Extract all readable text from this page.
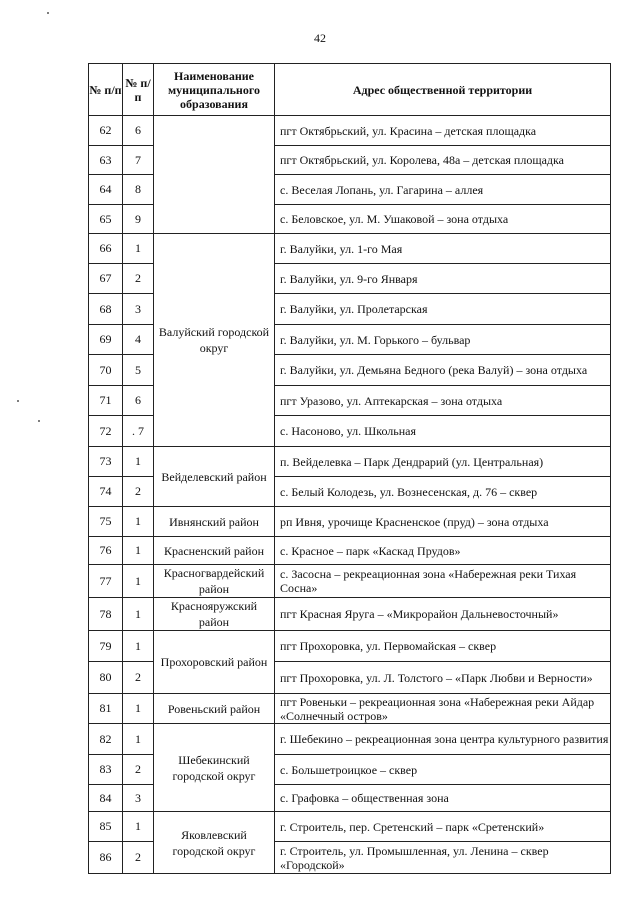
42
№ п/п	№ п/п	Наименование муниципального образования	Адрес общественной территории
62	6		пгт Октябрьский, ул. Красина – детская площадка
63	7		пгт Октябрьский, ул. Королева, 48а – детская площадка
64	8		с. Веселая Лопань, ул. Гагарина – аллея
65	9		с. Беловское, ул. М. Ушаковой – зона отдыха
66	1	Валуйский городской округ	г. Валуйки, ул. 1-го Мая
67	2		г. Валуйки, ул. 9-го Января
68	3		г. Валуйки, ул. Пролетарская
69	4		г. Валуйки, ул. М. Горького – бульвар
70	5		г. Валуйки, ул. Демьяна Бедного (река Валуй) – зона отдыха
71	6		пгт Уразово, ул. Аптекарская – зона отдыха
72	. 7		с. Насоново, ул. Школьная
73	1	Вейделевский район	п. Вейделевка – Парк Дендрарий (ул. Центральная)
74	2		с. Белый Колодезь, ул. Вознесенская, д. 76 – сквер
75	1	Ивнянский район	рп Ивня, урочище Красненское (пруд) – зона отдыха
76	1	Красненский район	с. Красное – парк «Каскад Прудов»
77	1	Красногвардейский район	с. Засосна – рекреационная зона «Набережная реки Тихая Сосна»
78	1	Краснояружский район	пгт Красная Яруга – «Микрорайон Дальневосточный»
79	1	Прохоровский район	пгт Прохоровка, ул. Первомайская – сквер
80	2		пгт Прохоровка, ул. Л. Толстого – «Парк Любви и Верности»
81	1	Ровеньский район	пгт Ровеньки – рекреационная зона «Набережная реки Айдар «Солнечный остров»
82	1	Шебекинский городской округ	г. Шебекино – рекреационная зона центра культурного развития
83	2		с. Большетроицкое – сквер
84	3		с. Графовка – общественная зона
85	1	Яковлевский городской округ	г. Строитель, пер. Сретенский – парк «Сретенский»
86	2		г. Строитель, ул. Промышленная, ул. Ленина – сквер «Городской»
